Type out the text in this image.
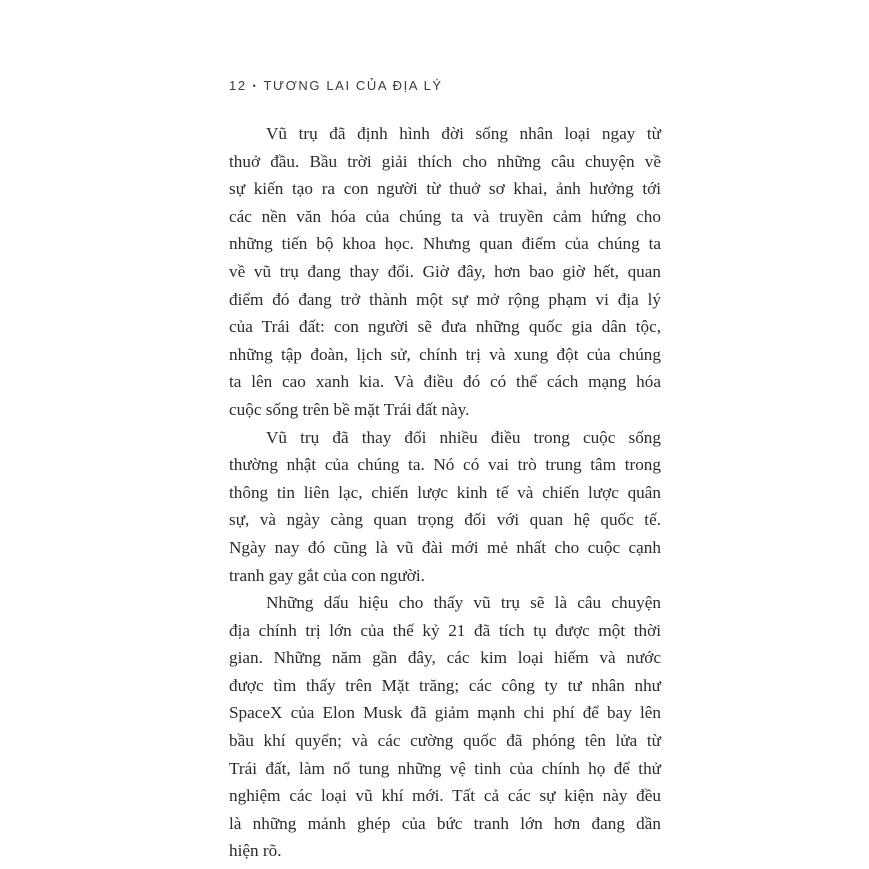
12 • TƯƠNG LAI CỦA ĐỊA LÝ
Vũ trụ đã định hình đời sống nhân loại ngay từ
thuở đầu. Bầu trời giải thích cho những câu chuyện về
sự kiến tạo ra con người từ thuở sơ khai, ảnh hưởng tới
các nền văn hóa của chúng ta và truyền cảm hứng cho
những tiến bộ khoa học. Nhưng quan điểm của chúng ta
về vũ trụ đang thay đổi. Giờ đây, hơn bao giờ hết, quan
điểm đó đang trở thành một sự mở rộng phạm vi địa lý
của Trái đất: con người sẽ đưa những quốc gia dân tộc,
những tập đoàn, lịch sử, chính trị và xung đột của chúng
ta lên cao xanh kia. Và điều đó có thể cách mạng hóa
cuộc sống trên bề mặt Trái đất này.
Vũ trụ đã thay đổi nhiều điều trong cuộc sống
thường nhật của chúng ta. Nó có vai trò trung tâm trong
thông tin liên lạc, chiến lược kinh tế và chiến lược quân
sự, và ngày càng quan trọng đối với quan hệ quốc tế.
Ngày nay đó cũng là vũ đài mới mẻ nhất cho cuộc cạnh
tranh gay gắt của con người.
Những dấu hiệu cho thấy vũ trụ sẽ là câu chuyện
địa chính trị lớn của thế kỷ 21 đã tích tụ được một thời
gian. Những năm gần đây, các kim loại hiếm và nước
được tìm thấy trên Mặt trăng; các công ty tư nhân như
SpaceX của Elon Musk đã giảm mạnh chi phí để bay lên
bầu khí quyển; và các cường quốc đã phóng tên lửa từ
Trái đất, làm nổ tung những vệ tinh của chính họ để thử
nghiệm các loại vũ khí mới. Tất cả các sự kiện này đều
là những mảnh ghép của bức tranh lớn hơn đang dần
hiện rõ.
